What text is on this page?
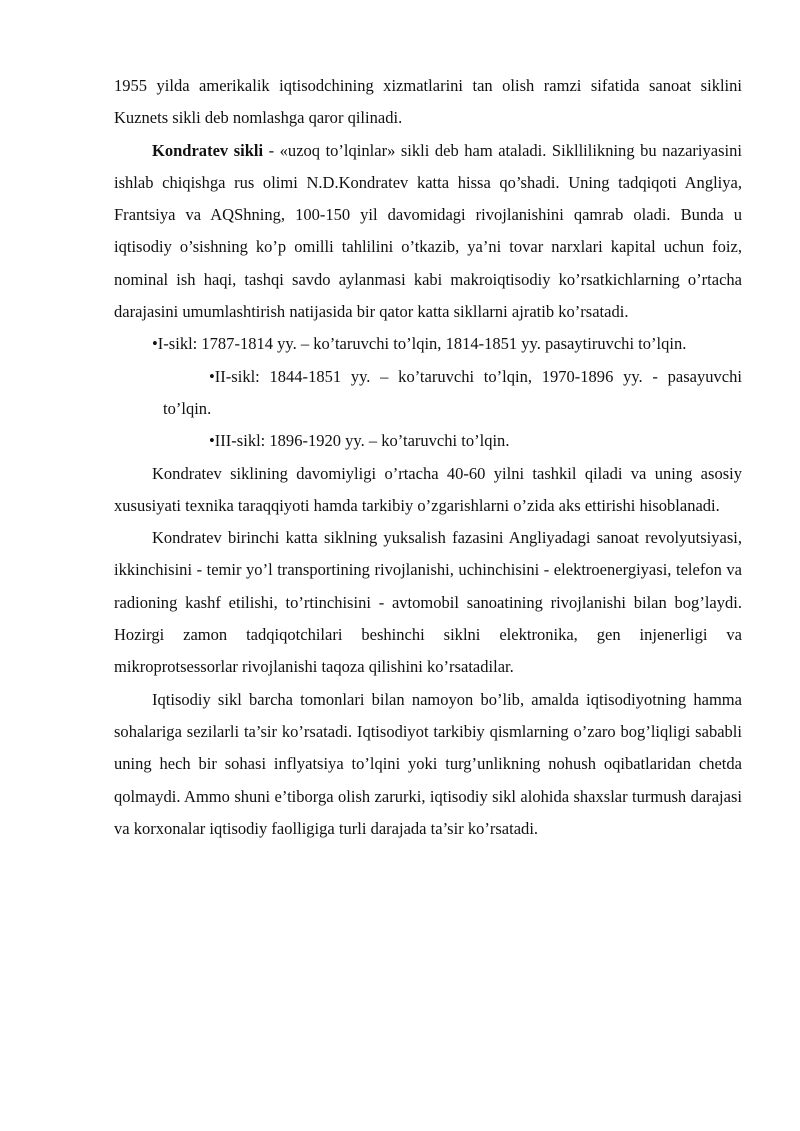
1955 yilda amerikalik iqtisodchining xizmatlarini tan olish ramzi sifatida sanoat siklini Kuznets sikli deb nomlashga qaror qilinadi.

Kondratev sikli - «uzoq to’lqinlar» sikli deb ham ataladi. Sikllilikning bu nazariyasini ishlab chiqishga rus olimi N.D.Kondratev katta hissa qo’shadi. Uning tadqiqoti Angliya, Frantsiya va AQShning, 100-150 yil davomidagi rivojlanishini qamrab oladi. Bunda u iqtisodiy o’sishning ko’p omilli tahlilini o’tkazib, ya’ni tovar narxlari kapital uchun foiz, nominal ish haqi, tashqi savdo aylanmasi kabi makroiqtisodiy ko’rsatkichlarning o’rtacha darajasini umumlashtirish natijasida bir qator katta sikllarni ajratib ko’rsatadi.

•I-sikl: 1787-1814 yy. – ko’taruvchi to’lqin, 1814-1851 yy. pasaytiruvchi to’lqin.

•II-sikl: 1844-1851 yy. – ko’taruvchi to’lqin, 1970-1896 yy. - pasayuvchi to’lqin.

•III-sikl: 1896-1920 yy. – ko’taruvchi to’lqin.

Kondratev siklining davomiyligi o’rtacha 40-60 yilni tashkil qiladi va uning asosiy xususiyati texnika taraqqiyoti hamda tarkibiy o’zgarishlarni o’zida aks ettirishi hisoblanadi.

Kondratev birinchi katta siklning yuksalish fazasini Angliyadagi sanoat revolyutsiyasi, ikkinchisini - temir yo’l transportining rivojlanishi, uchinchisini - elektroenergiyasi, telefon va radioning kashf etilishi, to’rtinchisini - avtomobil sanoatining rivojlanishi bilan bog’laydi. Hozirgi zamon tadqiqotchilari beshinchi siklni elektronika, gen injenerligi va mikroprotsessorlar rivojlanishi taqoza qilishini ko’rsatadilar.

Iqtisodiy sikl barcha tomonlari bilan namoyon bo’lib, amalda iqtisodiyotning hamma sohalariga sezilarli ta’sir ko’rsatadi. Iqtisodiyot tarkibiy qismlarning o’zaro bog’liqligi sababli uning hech bir sohasi inflyatsiya to’lqini yoki turg’unlikning nohush oqibatlaridan chetda qolmaydi. Ammo shuni e’tiborga olish zarurki, iqtisodiy sikl alohida shaxslar turmush darajasi va korxonalar iqtisodiy faolligiga turli darajada ta’sir ko’rsatadi.
